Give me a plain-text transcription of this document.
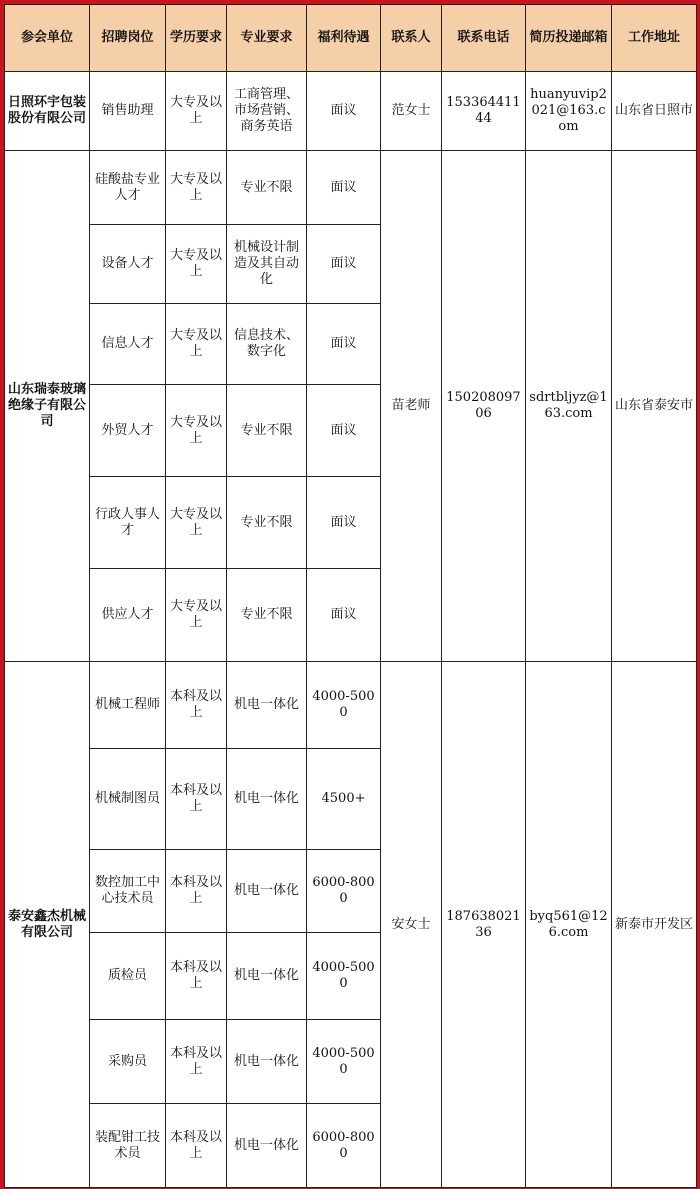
参会单位	招聘岗位	学历要求	专业要求	福利待遇	联系人	联系电话	简历投递邮箱	工作地址
日照环宇包装股份有限公司	销售助理	大专及以上	工商管理、市场营销、商务英语	面议	范女士	15336441144	huanyuvip2021@163.com	山东省日照市
山东瑞泰玻璃绝缘子有限公司	硅酸盐专业人才	大专及以上	专业不限	面议	苗老师	15020809706	sdrtbljyz@163.com	山东省泰安市
	设备人才	大专及以上	机械设计制造及其自动化	面议				
	信息人才	大专及以上	信息技术、数字化	面议				
	外贸人才	大专及以上	专业不限	面议				
	行政人事人才	大专及以上	专业不限	面议				
	供应人才	大专及以上	专业不限	面议				
泰安鑫杰机械有限公司	机械工程师	本科及以上	机电一体化	4000-5000	安女士	18763802136	byq561@126.com	新泰市开发区
	机械制图员	本科及以上	机电一体化	4500+				
	数控加工中心技术员	本科及以上	机电一体化	6000-8000				
	质检员	本科及以上	机电一体化	4000-5000				
	采购员	本科及以上	机电一体化	4000-5000				
	装配钳工技术员	本科及以上	机电一体化	6000-8000				
